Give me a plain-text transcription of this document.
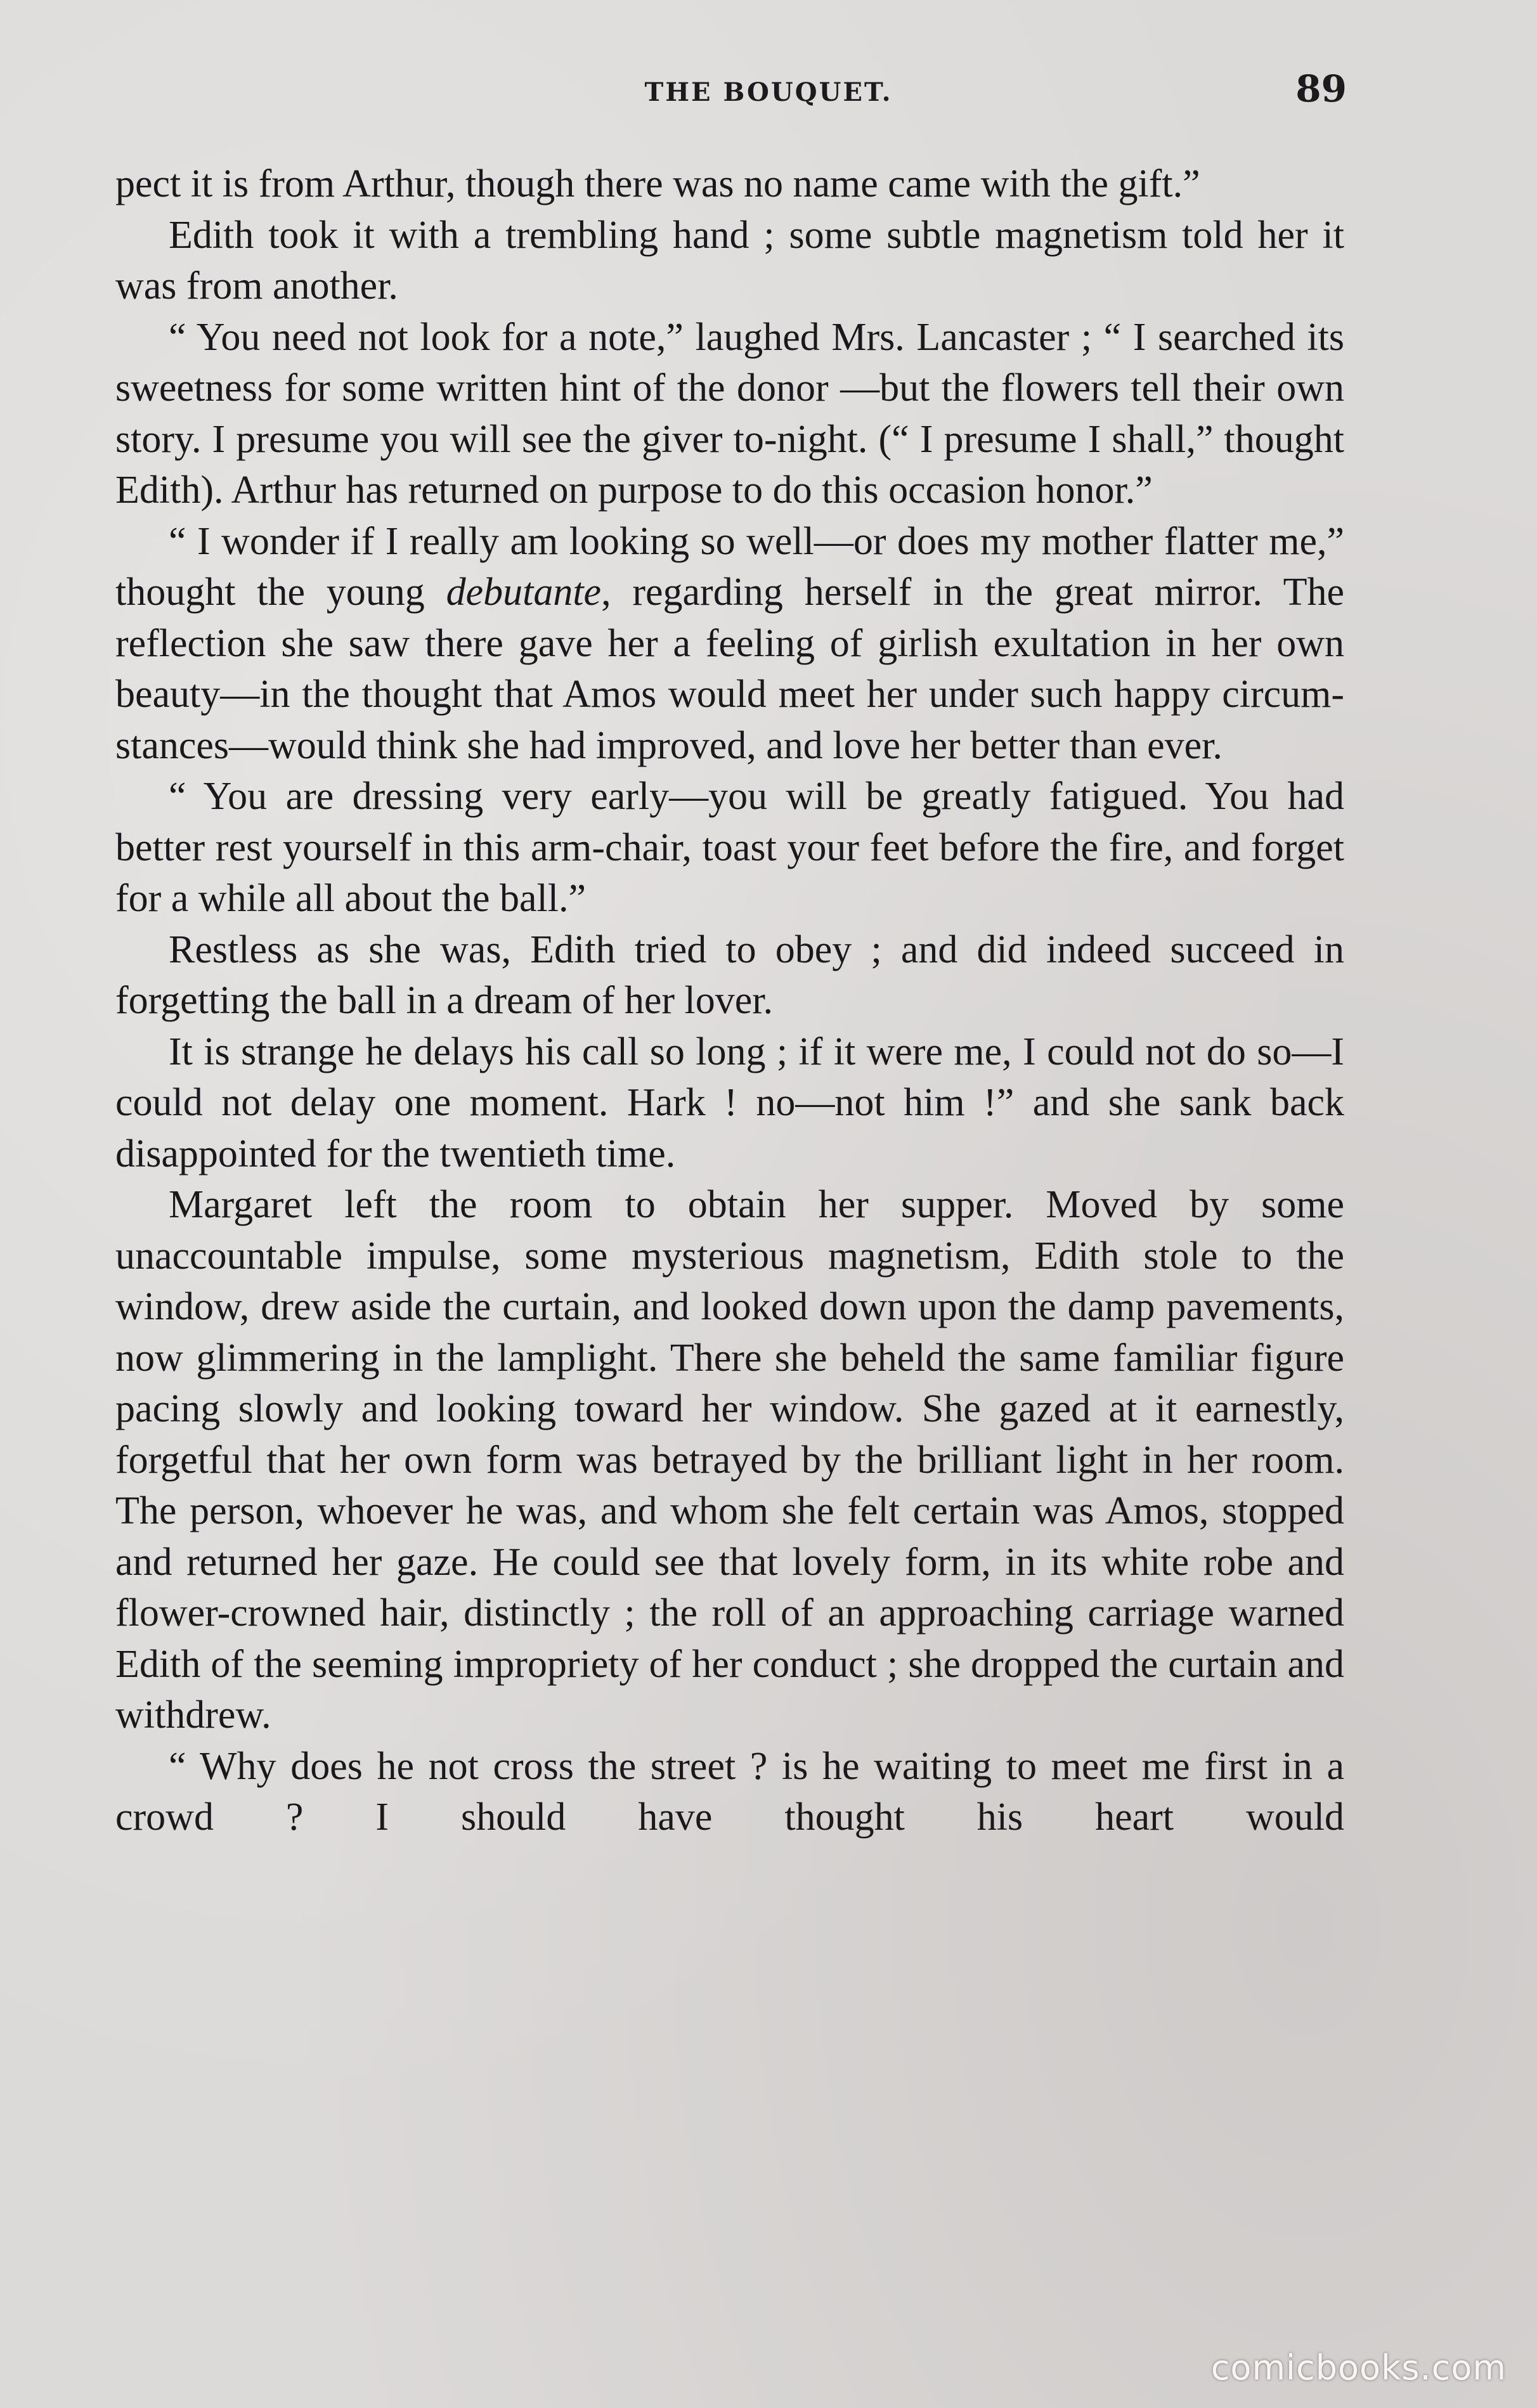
THE BOUQUET.	89

pect it is from Arthur, though there was no name came with the gift.”

Edith took it with a trembling hand ; some subtle magnetism told her it was from another.

“ You need not look for a note,” laughed Mrs. Lancaster ; “ I searched its sweetness for some written hint of the donor —but the flowers tell their own story. I presume you will see the giver to-night. (“ I presume I shall,” thought Edith). Arthur has returned on purpose to do this occasion honor.”

“ I wonder if I really am looking so well—or does my mother flatter me,” thought the young debutante, regarding herself in the great mirror. The reflection she saw there gave her a feeling of girlish exultation in her own beauty—in the thought that Amos would meet her under such happy circumstances—would think she had improved, and love her better than ever.

“ You are dressing very early—you will be greatly fatigued. You had better rest yourself in this arm-chair, toast your feet before the fire, and forget for a while all about the ball.”

Restless as she was, Edith tried to obey ; and did indeed succeed in forgetting the ball in a dream of her lover.

It is strange he delays his call so long ; if it were me, I could not do so—I could not delay one moment. Hark ! no—not him !” and she sank back disappointed for the twentieth time.

Margaret left the room to obtain her supper. Moved by some unaccountable impulse, some mysterious magnetism, Edith stole to the window, drew aside the curtain, and looked down upon the damp pavements, now glimmering in the lamplight. There she beheld the same familiar figure pacing slowly and looking toward her window. She gazed at it earnestly, forgetful that her own form was betrayed by the brilliant light in her room. The person, whoever he was, and whom she felt certain was Amos, stopped and returned her gaze. He could see that lovely form, in its white robe and flower-crowned hair, distinctly ; the roll of an approaching carriage warned Edith of the seeming impropriety of her conduct ; she dropped the curtain and withdrew.

“ Why does he not cross the street ? is he waiting to meet me first in a crowd ? I should have thought his heart would

comicbooks.com
